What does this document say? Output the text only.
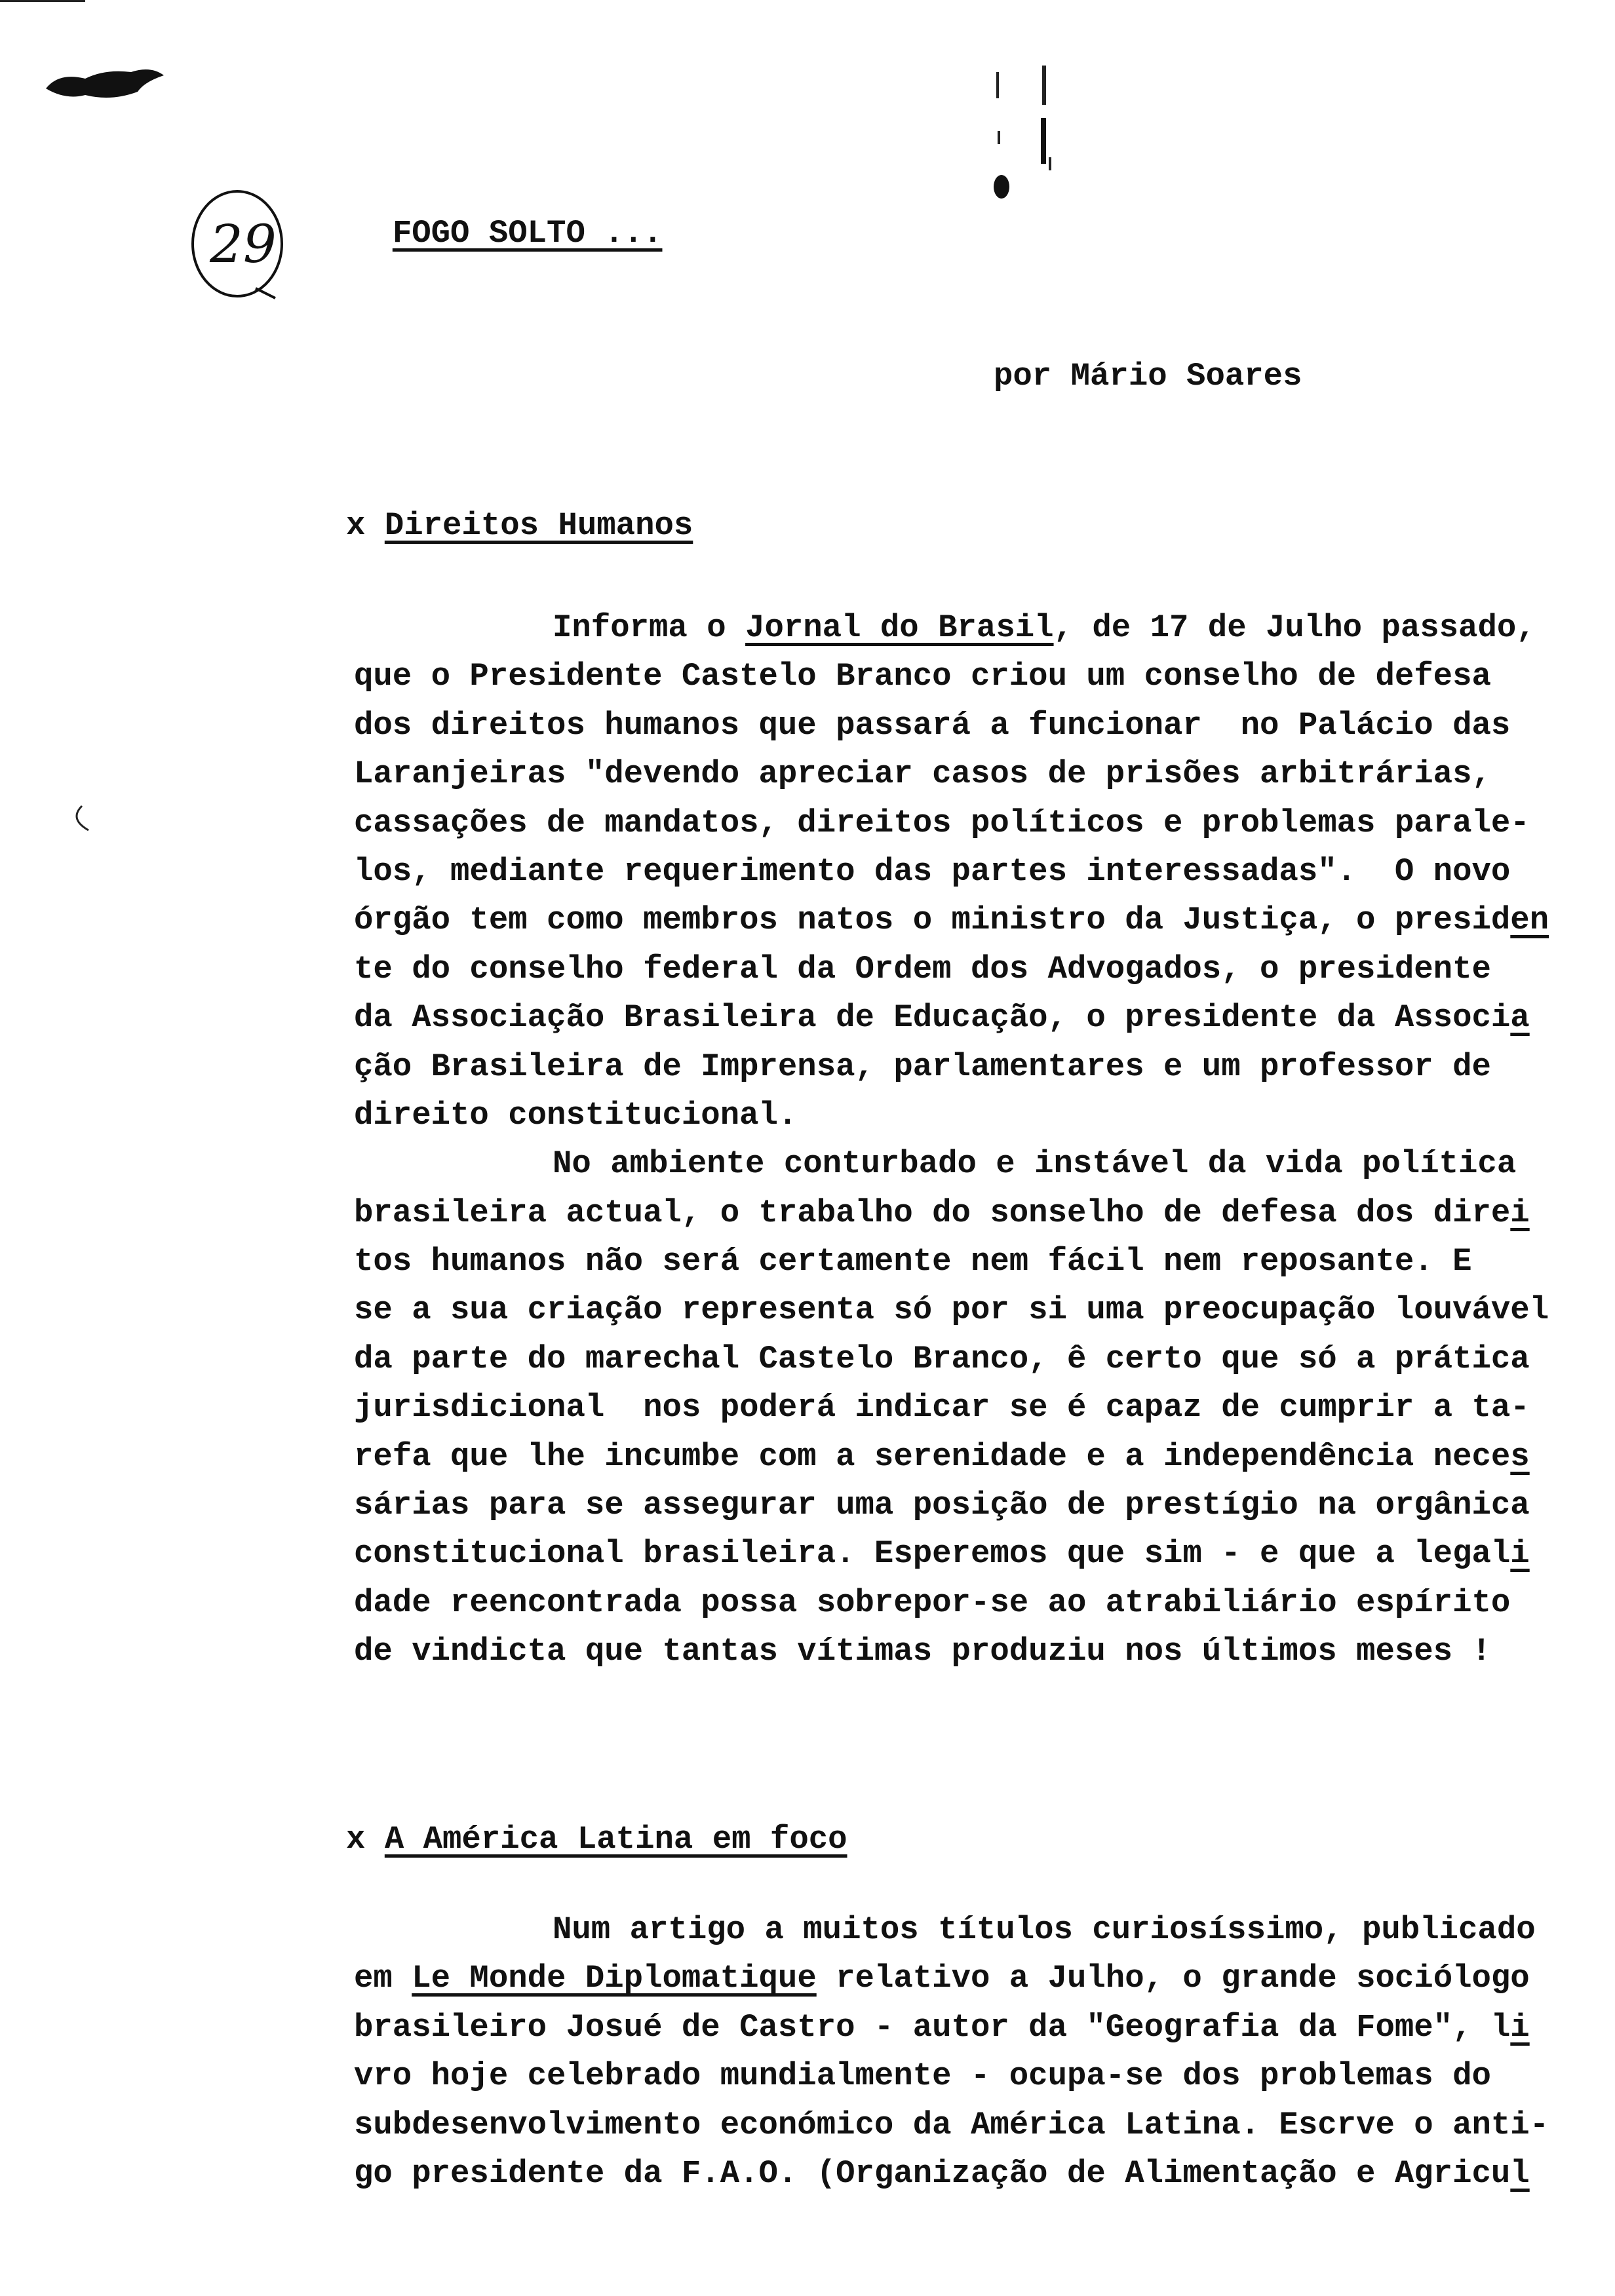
29	FOGO SOLTO ...

por Mário Soares
x Direitos Humanos
Informa o Jornal do Brasil, de 17 de Julho passado,
que o Presidente Castelo Branco criou um conselho de defesa
dos direitos humanos que passará a funcionar  no Palácio das
Laranjeiras "devendo apreciar casos de prisões arbitrárias,
cassações de mandatos, direitos políticos e problemas parale-
los, mediante requerimento das partes interessadas".  O novo
órgão tem como membros natos o ministro da Justiça, o presiden
te do conselho federal da Ordem dos Advogados, o presidente
da Associação Brasileira de Educação, o presidente da Associa
ção Brasileira de Imprensa, parlamentares e um professor de
direito constitucional.
No ambiente conturbado e instável da vida política
brasileira actual, o trabalho do sonselho de defesa dos direi
tos humanos não será certamente nem fácil nem reposante. E
se a sua criação representa só por si uma preocupação louvável
da parte do marechal Castelo Branco, ê certo que só a prática
jurisdicional  nos poderá indicar se é capaz de cumprir a ta-
refa que lhe incumbe com a serenidade e a independência neces
sárias para se assegurar uma posição de prestígio na orgânica
constitucional brasileira. Esperemos que sim - e que a legali
dade reencontrada possa sobrepor-se ao atrabiliário espírito
de vindicta que tantas vítimas produziu nos últimos meses !
x A América Latina em foco
Num artigo a muitos títulos curiosíssimo, publicado
em Le Monde Diplomatique relativo a Julho, o grande sociólogo
brasileiro Josué de Castro - autor da "Geografia da Fome", li
vro hoje celebrado mundialmente - ocupa-se dos problemas do
subdesenvolvimento económico da América Latina. Escrve o anti-
go presidente da F.A.O. (Organização de Alimentação e Agricul
